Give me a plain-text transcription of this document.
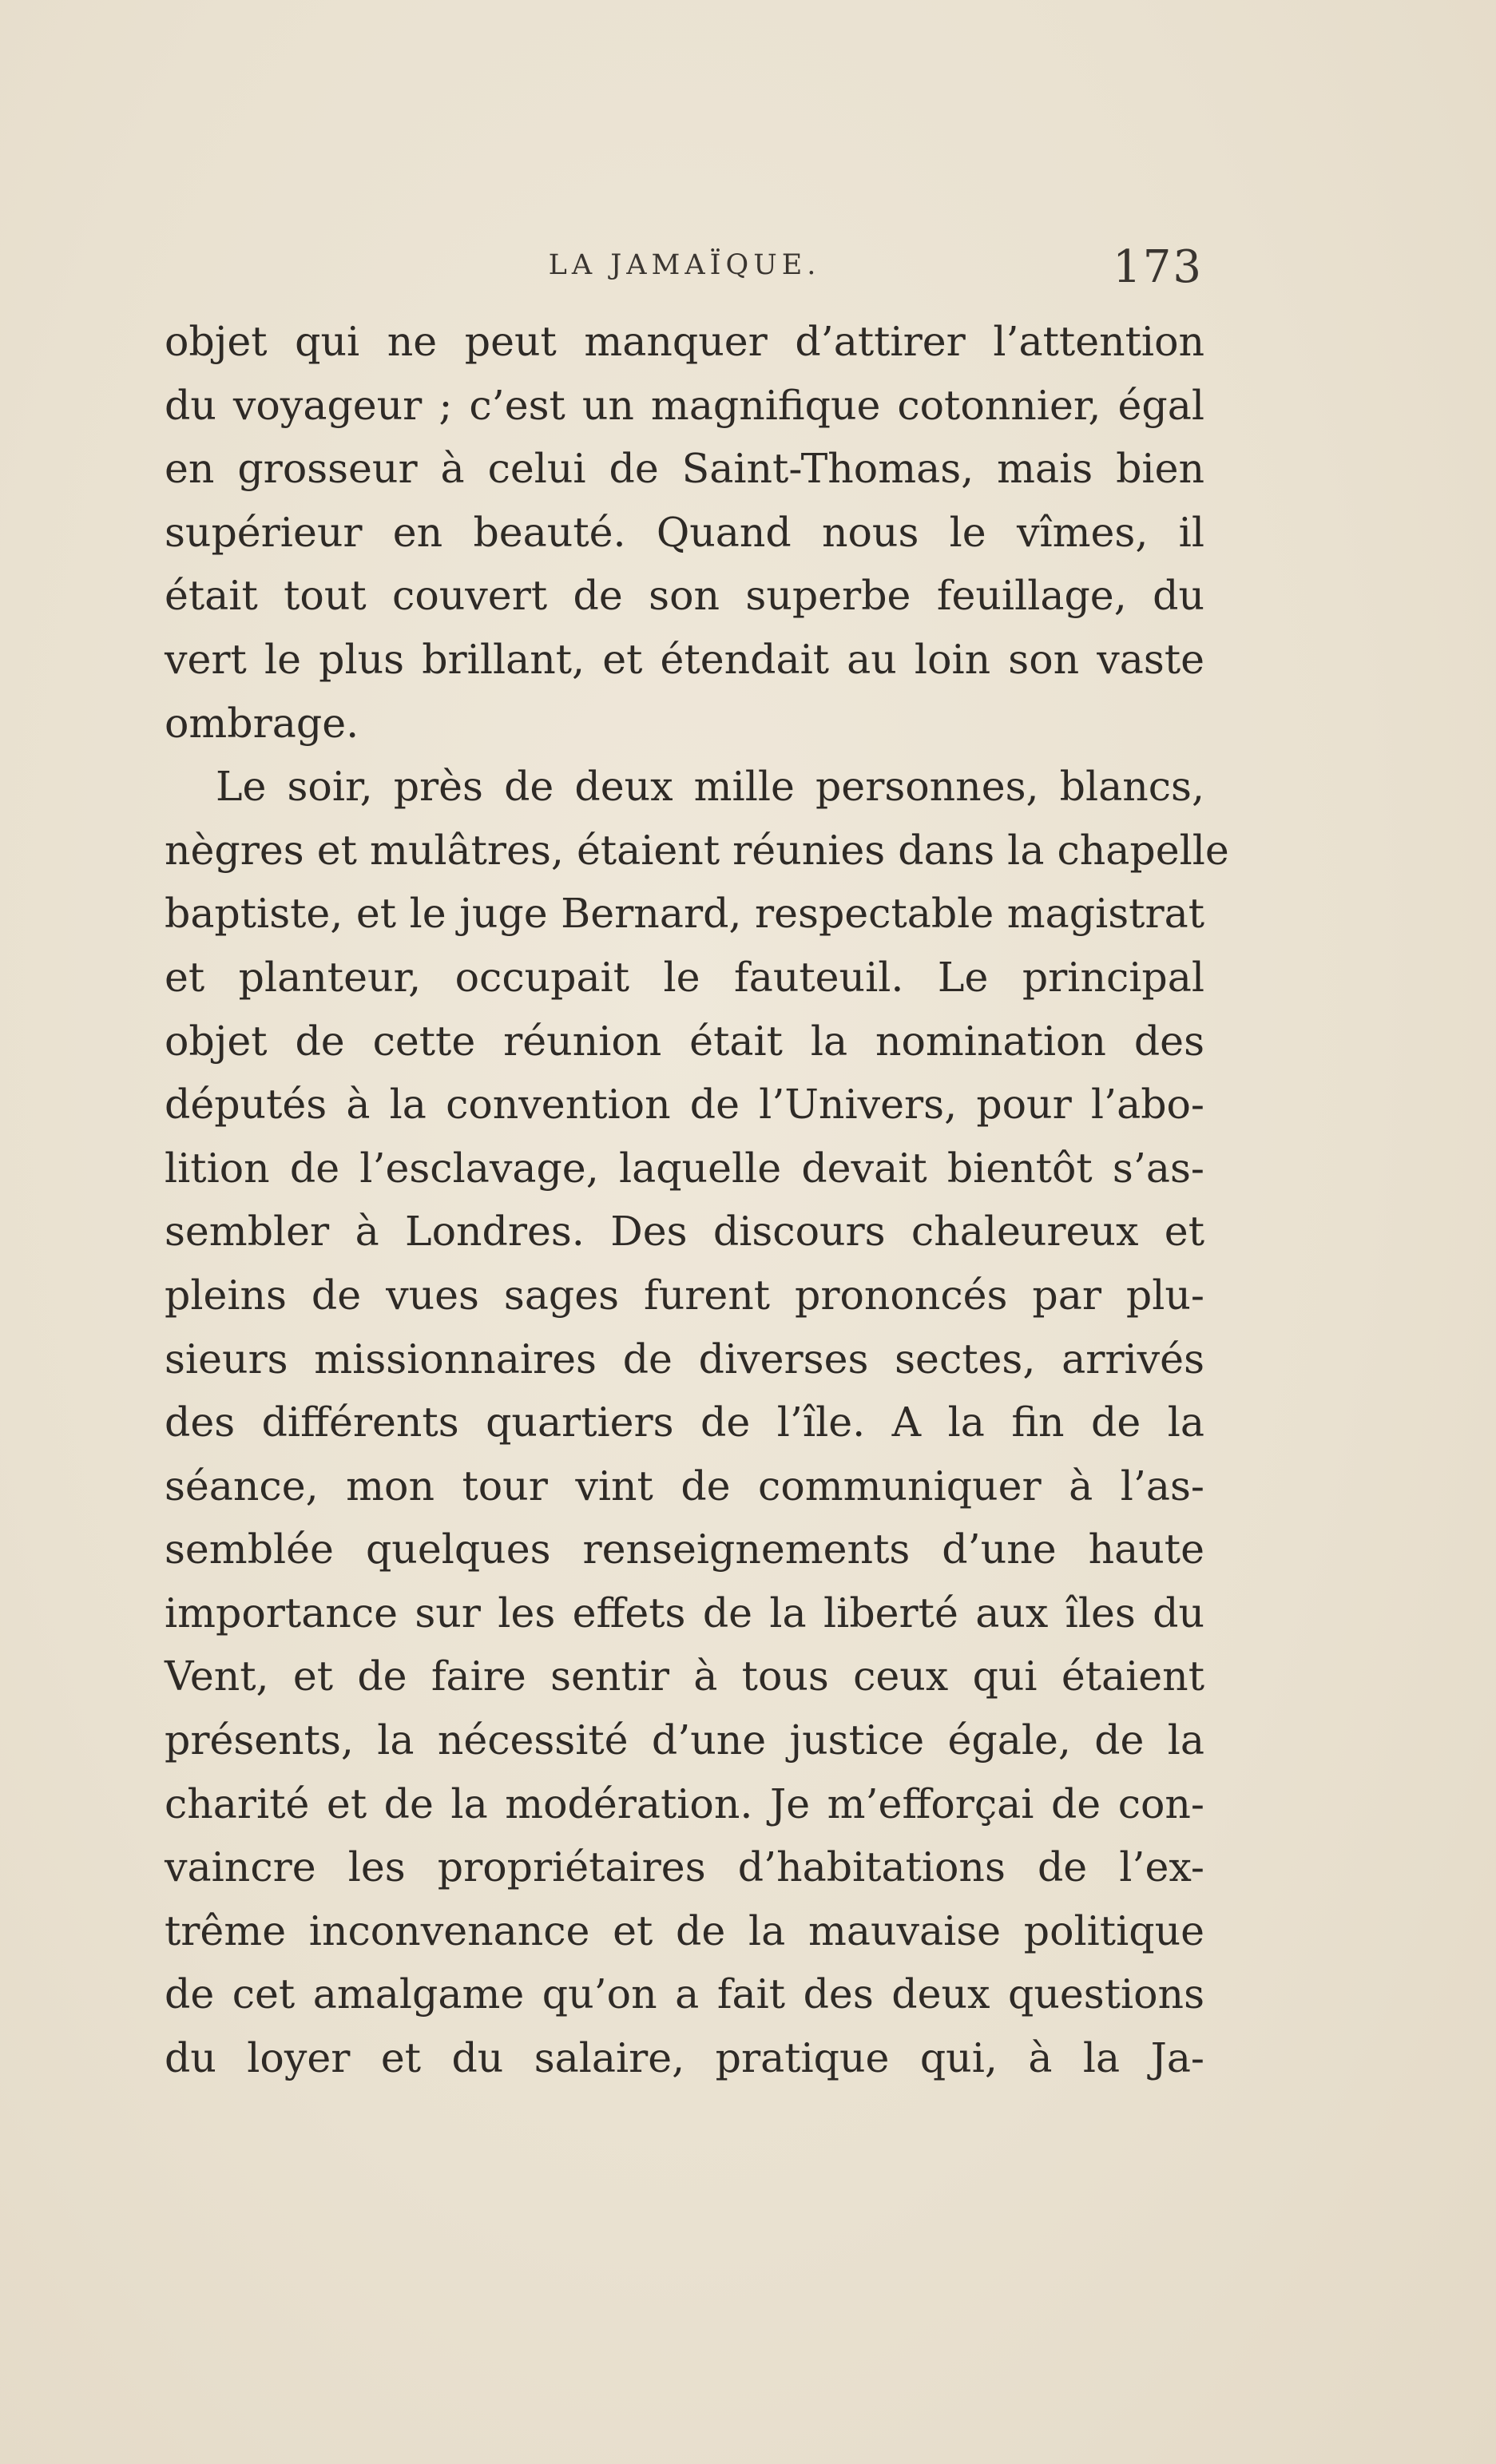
LA JAMAÏQUE.	173
objet qui ne peut manquer d’attirer l’attention
du voyageur ; c’est un magnifique cotonnier, égal
en grosseur à celui de Saint-Thomas, mais bien
supérieur en beauté. Quand nous le vîmes, il
était tout couvert de son superbe feuillage, du
vert le plus brillant, et étendait au loin son vaste
ombrage.
Le soir, près de deux mille personnes, blancs,
nègres et mulâtres, étaient réunies dans la chapelle
baptiste, et le juge Bernard, respectable magistrat
et planteur, occupait le fauteuil. Le principal
objet de cette réunion était la nomination des
députés à la convention de l’Univers, pour l’abo-
lition de l’esclavage, laquelle devait bientôt s’as-
sembler à Londres. Des discours chaleureux et
pleins de vues sages furent prononcés par plu-
sieurs missionnaires de diverses sectes, arrivés
des différents quartiers de l’île. A la fin de la
séance, mon tour vint de communiquer à l’as-
semblée quelques renseignements d’une haute
importance sur les effets de la liberté aux îles du
Vent, et de faire sentir à tous ceux qui étaient
présents, la nécessité d’une justice égale, de la
charité et de la modération. Je m’efforçai de con-
vaincre les propriétaires d’habitations de l’ex-
trême inconvenance et de la mauvaise politique
de cet amalgame qu’on a fait des deux questions
du loyer et du salaire, pratique qui, à la Ja-
